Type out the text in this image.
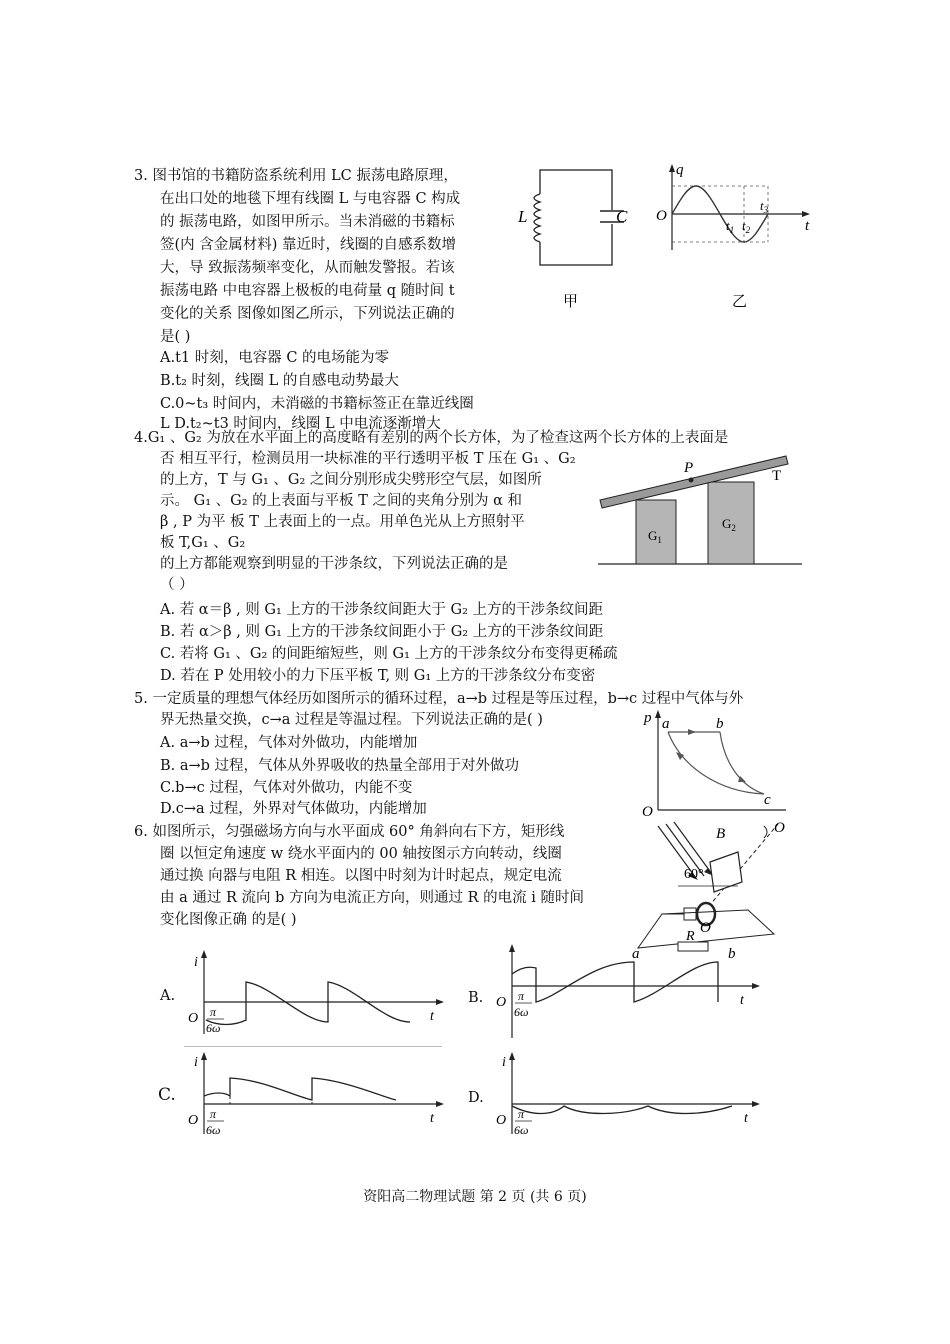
3. 图书馆的书籍防盗系统利用 LC 振荡电路原理，
在出口处的地毯下埋有线圈 L 与电容器 C 构成
的 振荡电路，如图甲所示。当未消磁的书籍标
签(内 含金属材料) 靠近时，线圈的自感系数增
大，导 致振荡频率变化，从而触发警报。若该
振荡电路 中电容器上极板的电荷量 q 随时间 t
变化的关系 图像如图乙所示，下列说法正确的
是( )
A.t1 时刻，电容器 C 的电场能为零
B.t₂ 时刻，线圈 L 的自感电动势最大
C.0~t₃ 时间内，未消磁的书籍标签正在靠近线圈
L D.t₂~t3 时间内，线圈 L 中电流逐渐增大
L	C
甲
q
O
t
$t_3$
$t_1$ $t_2$
乙
4.G₁ 、G₂ 为放在水平面上的高度略有差别的两个长方体，为了检查这两个长方体的上表面是
否 相互平行，检测员用一块标准的平行透明平板 T 压在 G₁ 、G₂
的上方，T 与 G₁ 、G₂ 之间分别形成尖劈形空气层，如图所
示。 G₁ 、G₂ 的上表面与平板 T 之间的夹角分别为 α 和
β , P 为平 板 T 上表面上的一点。用单色光从上方照射平
板 T,G₁ 、G₂
的上方都能观察到明显的干涉条纹，下列说法正确的是
（ ）
A. 若 α＝β , 则 G₁ 上方的干涉条纹间距大于 G₂ 上方的干涉条纹间距
B. 若 α＞β , 则 G₁ 上方的干涉条纹间距小于 G₂ 上方的干涉条纹间距
C. 若将 G₁ 、G₂ 的间距缩短些，则 G₁ 上方的干涉条纹分布变得更稀疏
D. 若在 P 处用较小的力下压平板 T, 则 G₁ 上方的干涉条纹分布变密
P	T
$G_1$
$G_2$
5. 一定质量的理想气体经历如图所示的循环过程，a→b 过程是等压过程，b→c 过程中气体与外
界无热量交换，c→a 过程是等温过程。下列说法正确的是( )
A. a→b 过程，气体对外做功，内能增加
B. a→b 过程，气体从外界吸收的热量全部用于对外做功
C.b→c 过程，气体对外做功，内能不变
D.c→a 过程，外界对气体做功，内能增加
p
O
a	b
c
6. 如图所示，匀强磁场方向与水平面成 60° 角斜向右下方，矩形线
圈 以恒定角速度 w 绕水平面内的 00 轴按图示方向转动，线圈
通过换 向器与电阻 R 相连。以图中时刻为计时起点，规定电流
由 a 通过 R 流向 b 方向为电流正方向，则通过 R 的电流 i 随时间
变化图像正确 的是( )
B	O
60°
R
O
a	b
A.
i
O	t
π
6ω
B. O	t
π
6ω
C.
i
O	t
π
6ω
D.
i
O	t
π
6ω
资阳高二物理试题 第 2 页 (共 6 页)
